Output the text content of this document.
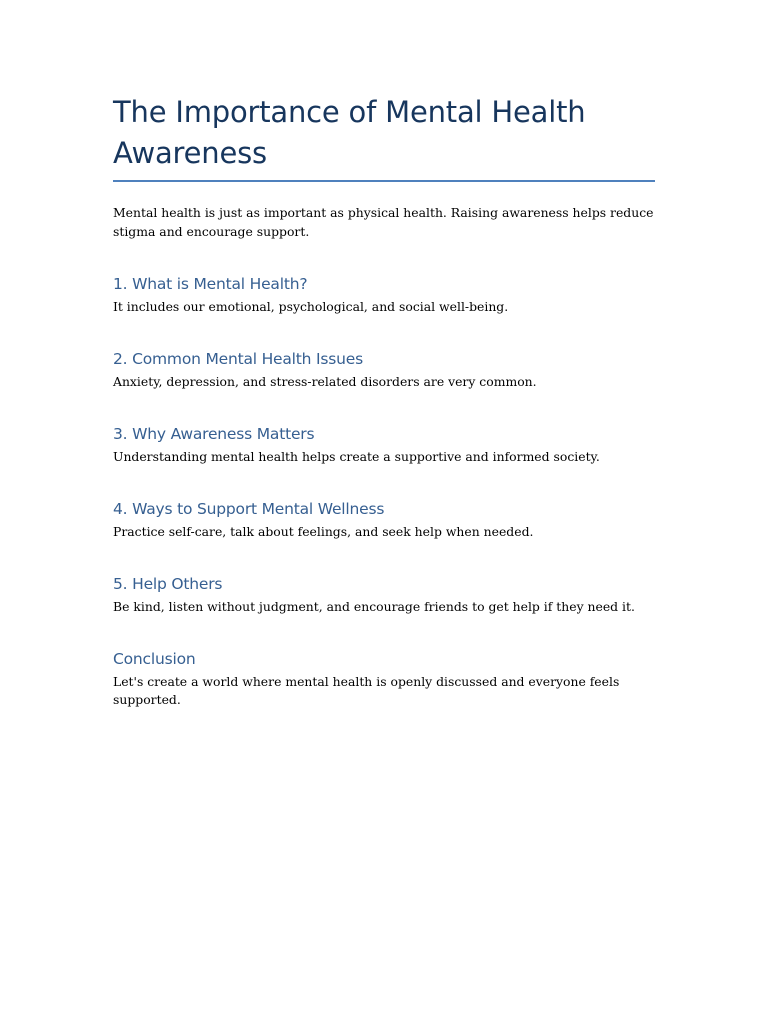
The Importance of Mental Health Awareness

Mental health is just as important as physical health. Raising awareness helps reduce stigma and encourage support.

1. What is Mental Health?

It includes our emotional, psychological, and social well-being.

2. Common Mental Health Issues

Anxiety, depression, and stress-related disorders are very common.

3. Why Awareness Matters

Understanding mental health helps create a supportive and informed society.

4. Ways to Support Mental Wellness

Practice self-care, talk about feelings, and seek help when needed.

5. Help Others

Be kind, listen without judgment, and encourage friends to get help if they need it.

Conclusion

Let's create a world where mental health is openly discussed and everyone feels supported.
